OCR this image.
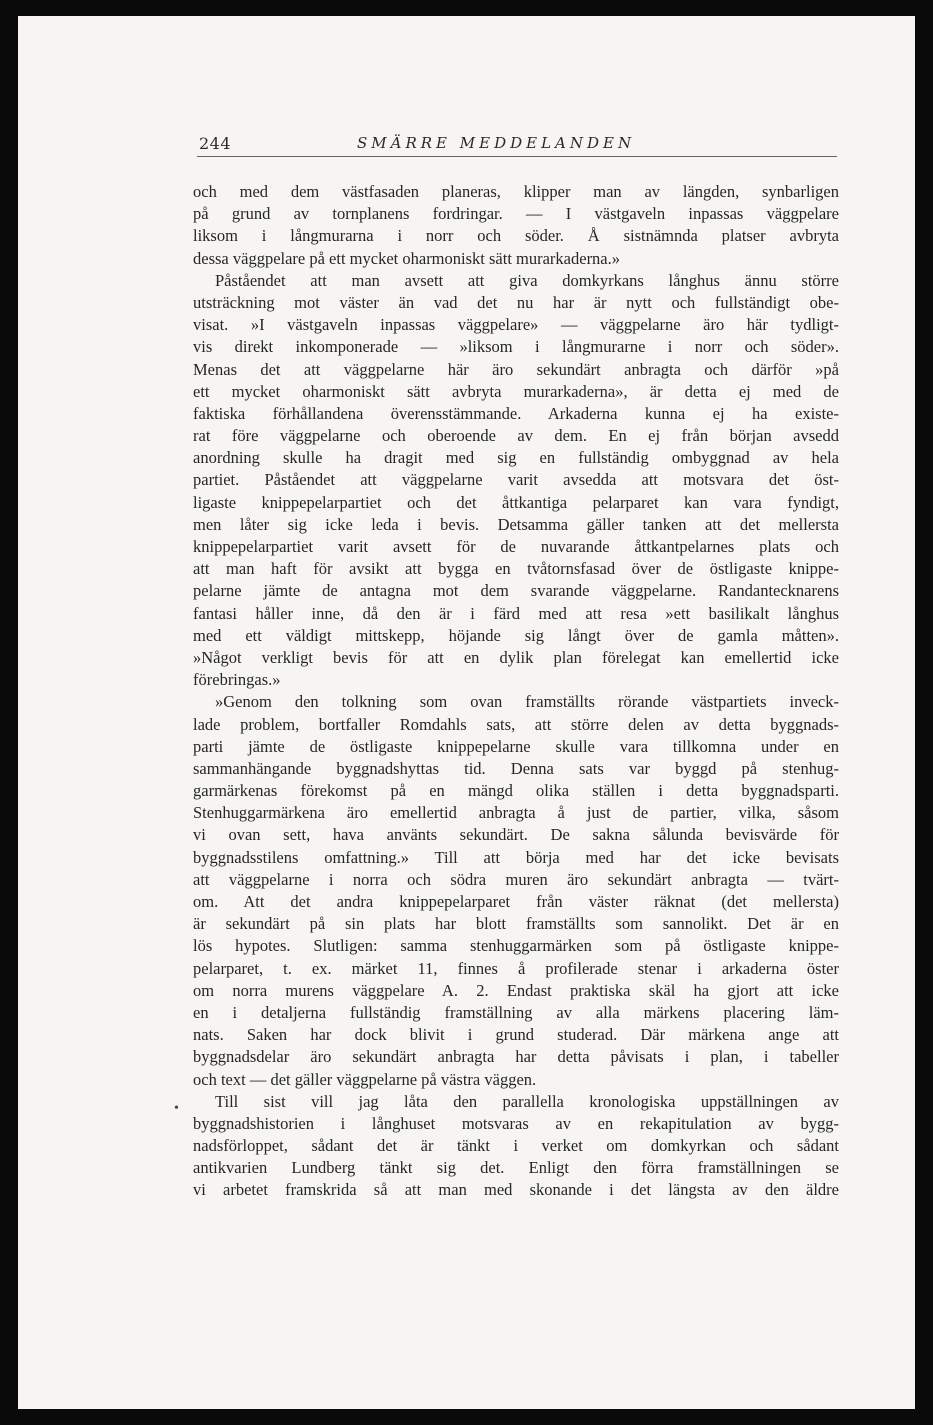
244	SMÄRRE MEDDELANDEN
•
och med dem västfasaden planeras, klipper man av längden, synbarligen
på grund av tornplanens fordringar. — I västgaveln inpassas väggpelare
liksom i långmurarna i norr och söder. Å sistnämnda platser avbryta
dessa väggpelare på ett mycket oharmoniskt sätt murarkaderna.»
Påståendet att man avsett att giva domkyrkans långhus ännu större
utsträckning mot väster än vad det nu har är nytt och fullständigt obe-
visat. »I västgaveln inpassas väggpelare» — väggpelarne äro här tydligt-
vis direkt inkomponerade — »liksom i långmurarne i norr och söder».
Menas det att väggpelarne här äro sekundärt anbragta och därför »på
ett mycket oharmoniskt sätt avbryta murarkaderna», är detta ej med de
faktiska förhållandena överensstämmande. Arkaderna kunna ej ha existe-
rat före väggpelarne och oberoende av dem. En ej från början avsedd
anordning skulle ha dragit med sig en fullständig ombyggnad av hela
partiet. Påståendet att väggpelarne varit avsedda att motsvara det öst-
ligaste knippepelarpartiet och det åttkantiga pelarparet kan vara fyndigt,
men låter sig icke leda i bevis. Detsamma gäller tanken att det mellersta
knippepelarpartiet varit avsett för de nuvarande åttkantpelarnes plats och
att man haft för avsikt att bygga en tvåtornsfasad över de östligaste knippe-
pelarne jämte de antagna mot dem svarande väggpelarne. Randantecknarens
fantasi håller inne, då den är i färd med att resa »ett basilikalt långhus
med ett väldigt mittskepp, höjande sig långt över de gamla måtten».
»Något verkligt bevis för att en dylik plan förelegat kan emellertid icke
förebringas.»
»Genom den tolkning som ovan framställts rörande västpartiets inveck-
lade problem, bortfaller Romdahls sats, att större delen av detta byggnads-
parti jämte de östligaste knippepelarne skulle vara tillkomna under en
sammanhängande byggnadshyttas tid. Denna sats var byggd på stenhug-
garmärkenas förekomst på en mängd olika ställen i detta byggnadsparti.
Stenhuggarmärkena äro emellertid anbragta å just de partier, vilka, såsom
vi ovan sett, hava använts sekundärt. De sakna sålunda bevisvärde för
byggnadsstilens omfattning.» Till att börja med har det icke bevisats
att väggpelarne i norra och södra muren äro sekundärt anbragta — tvärt-
om. Att det andra knippepelarparet från väster räknat (det mellersta)
är sekundärt på sin plats har blott framställts som sannolikt. Det är en
lös hypotes. Slutligen: samma stenhuggarmärken som på östligaste knippe-
pelarparet, t. ex. märket 11, finnes å profilerade stenar i arkaderna öster
om norra murens väggpelare A. 2. Endast praktiska skäl ha gjort att icke
en i detaljerna fullständig framställning av alla märkens placering läm-
nats. Saken har dock blivit i grund studerad. Där märkena ange att
byggnadsdelar äro sekundärt anbragta har detta påvisats i plan, i tabeller
och text — det gäller väggpelarne på västra väggen.
Till sist vill jag låta den parallella kronologiska uppställningen av
byggnadshistorien i långhuset motsvaras av en rekapitulation av bygg-
nadsförloppet, sådant det är tänkt i verket om domkyrkan och sådant
antikvarien Lundberg tänkt sig det. Enligt den förra framställningen se
vi arbetet framskrida så att man med skonande i det längsta av den äldre
